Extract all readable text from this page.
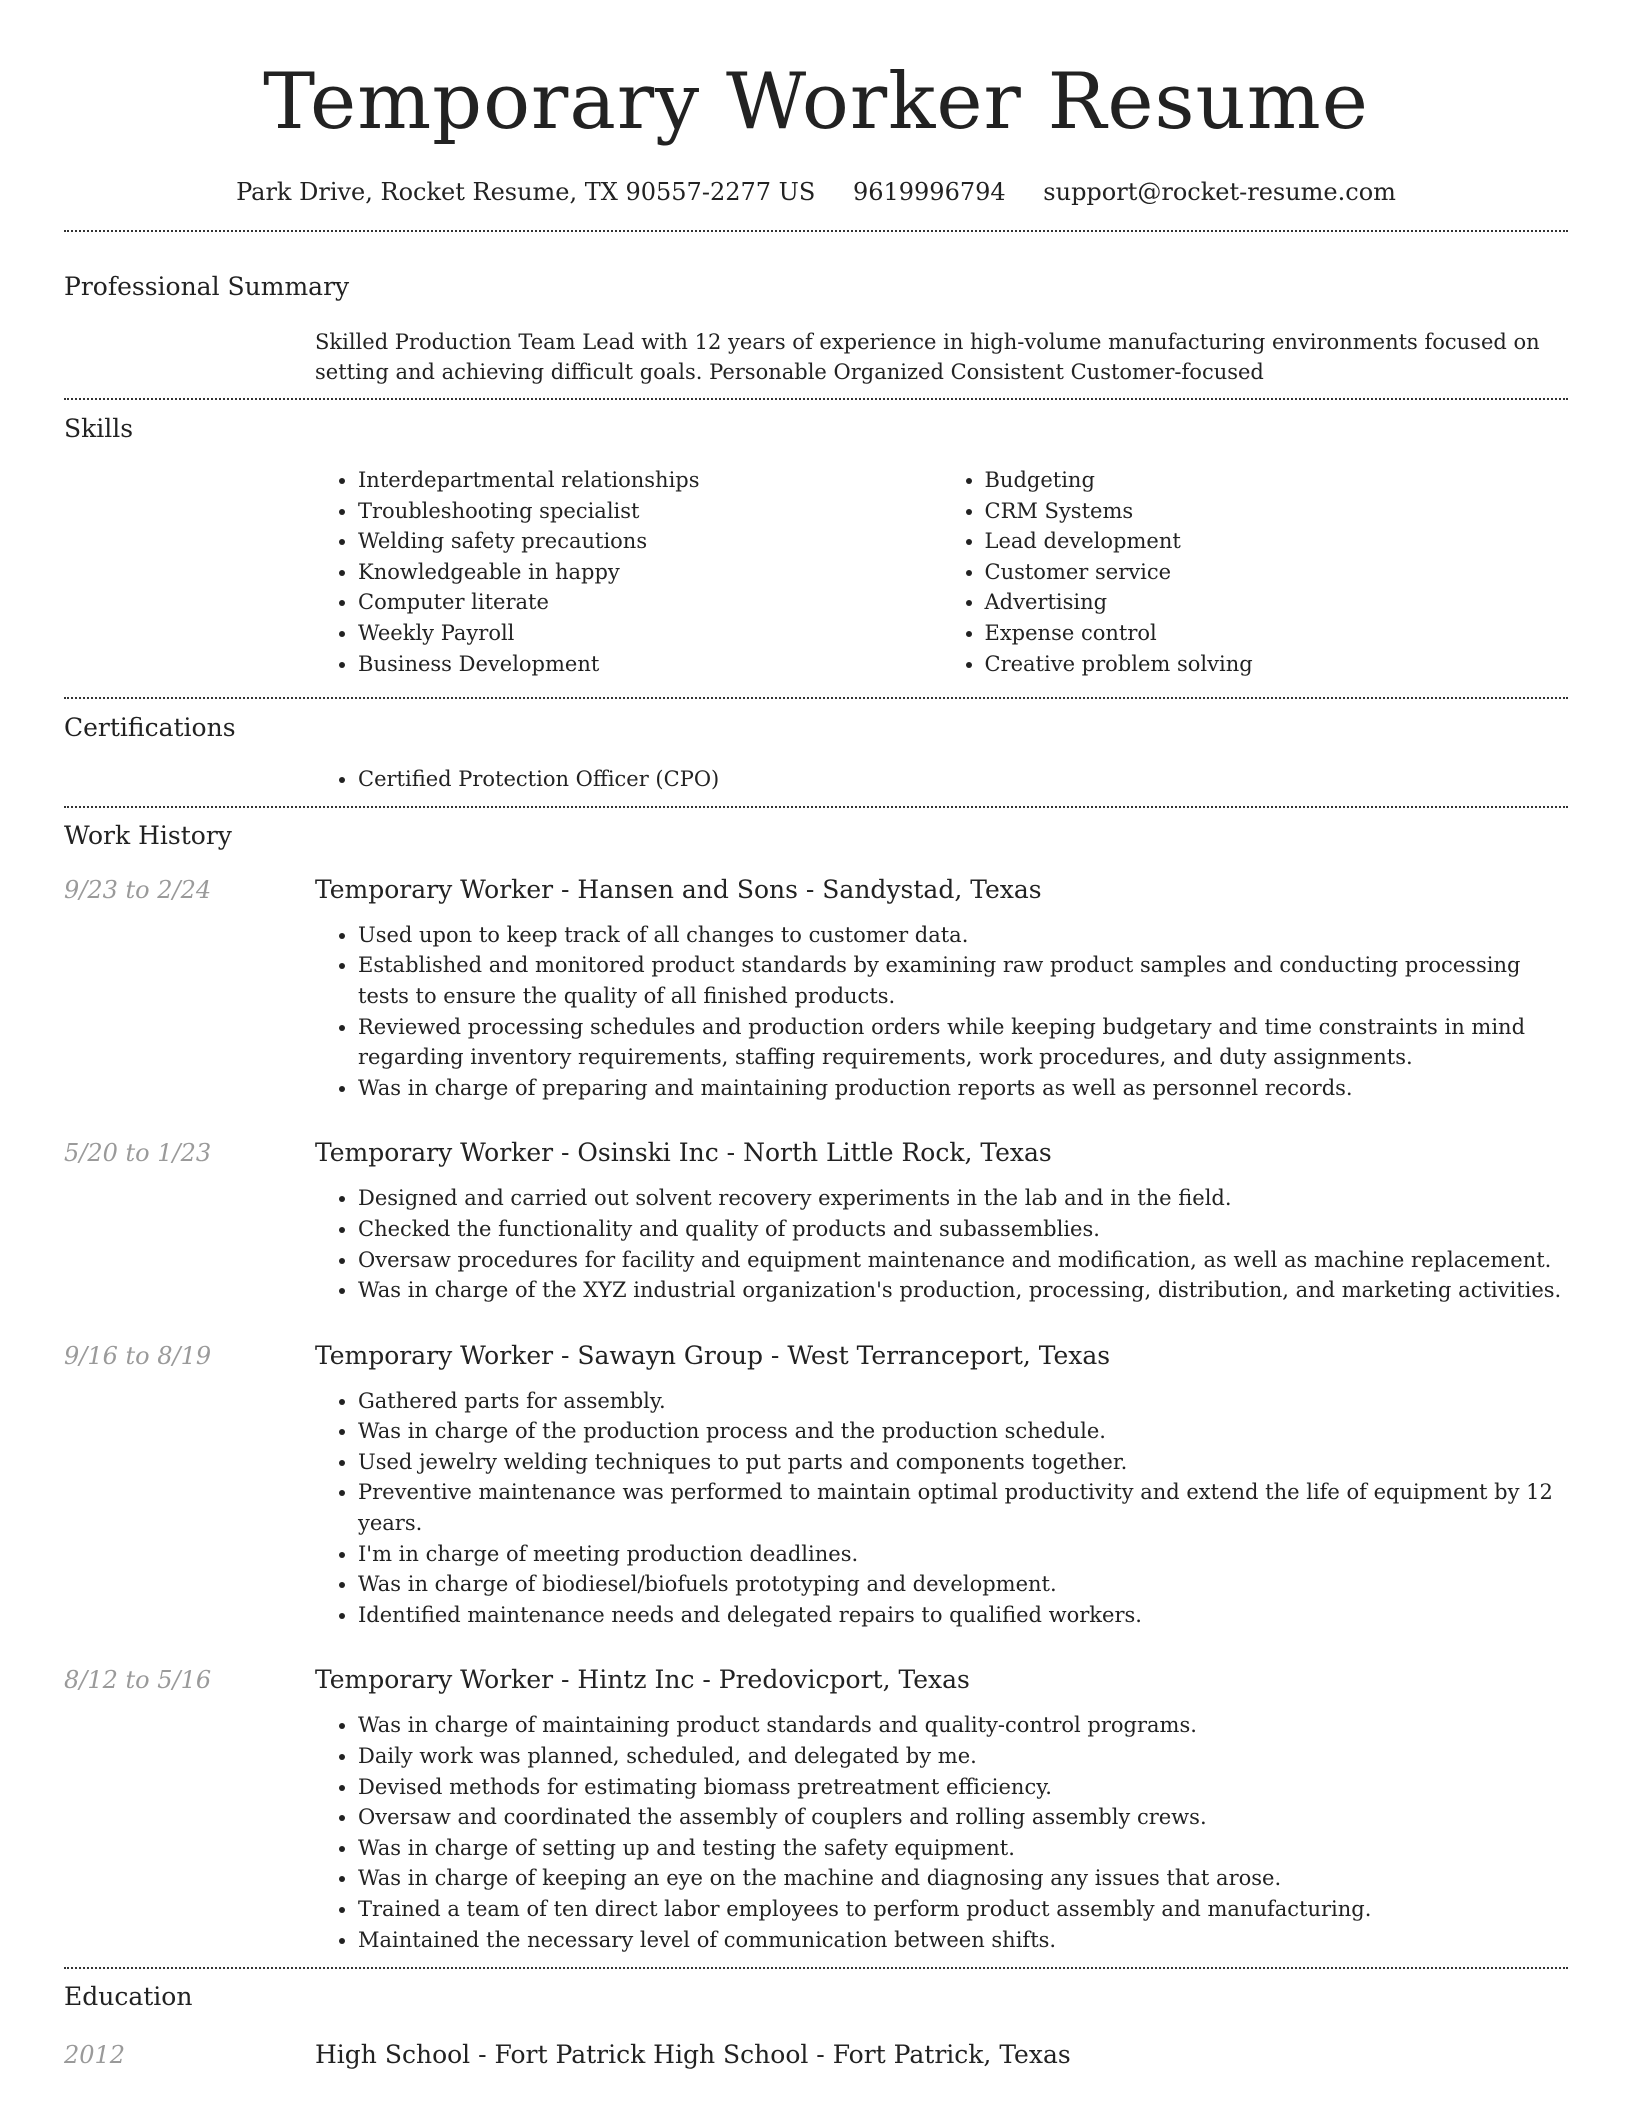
Temporary Worker Resume
Park Drive, Rocket Resume, TX 90557-2277 US 9619996794 support@rocket-resume.com
Professional Summary
Skilled Production Team Lead with 12 years of experience in high-volume manufacturing environments focused on setting and achieving difficult goals. Personable Organized Consistent Customer-focused
Skills
• Interdepartmental relationships
• Troubleshooting specialist
• Welding safety precautions
• Knowledgeable in happy
• Computer literate
• Weekly Payroll
• Business Development
• Budgeting
• CRM Systems
• Lead development
• Customer service
• Advertising
• Expense control
• Creative problem solving
Certifications
• Certified Protection Officer (CPO)
Work History
9/23 to 2/24	Temporary Worker - Hansen and Sons - Sandystad, Texas
• Used upon to keep track of all changes to customer data.
• Established and monitored product standards by examining raw product samples and conducting processing tests to ensure the quality of all finished products.
• Reviewed processing schedules and production orders while keeping budgetary and time constraints in mind regarding inventory requirements, staffing requirements, work procedures, and duty assignments.
• Was in charge of preparing and maintaining production reports as well as personnel records.
5/20 to 1/23	Temporary Worker - Osinski Inc - North Little Rock, Texas
• Designed and carried out solvent recovery experiments in the lab and in the field.
• Checked the functionality and quality of products and subassemblies.
• Oversaw procedures for facility and equipment maintenance and modification, as well as machine replacement.
• Was in charge of the XYZ industrial organization's production, processing, distribution, and marketing activities.
9/16 to 8/19	Temporary Worker - Sawayn Group - West Terranceport, Texas
• Gathered parts for assembly.
• Was in charge of the production process and the production schedule.
• Used jewelry welding techniques to put parts and components together.
• Preventive maintenance was performed to maintain optimal productivity and extend the life of equipment by 12 years.
• I'm in charge of meeting production deadlines.
• Was in charge of biodiesel/biofuels prototyping and development.
• Identified maintenance needs and delegated repairs to qualified workers.
8/12 to 5/16	Temporary Worker - Hintz Inc - Predovicport, Texas
• Was in charge of maintaining product standards and quality-control programs.
• Daily work was planned, scheduled, and delegated by me.
• Devised methods for estimating biomass pretreatment efficiency.
• Oversaw and coordinated the assembly of couplers and rolling assembly crews.
• Was in charge of setting up and testing the safety equipment.
• Was in charge of keeping an eye on the machine and diagnosing any issues that arose.
• Trained a team of ten direct labor employees to perform product assembly and manufacturing.
• Maintained the necessary level of communication between shifts.
Education
2012	High School - Fort Patrick High School - Fort Patrick, Texas
